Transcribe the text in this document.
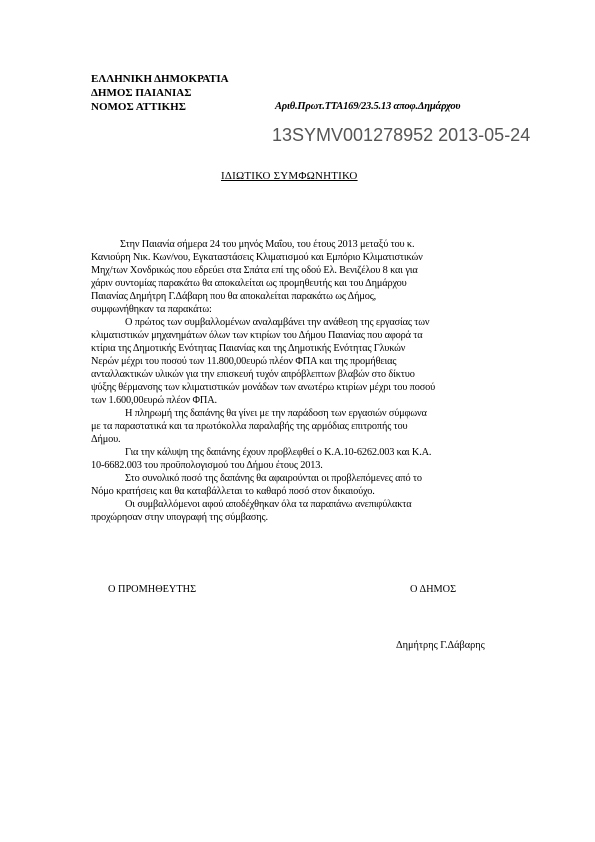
ΕΛΛΗΝΙΚΗ ΔΗΜΟΚΡΑΤΙΑ
ΔΗΜΟΣ ΠΑΙΑΝΙΑΣ
ΝΟΜΟΣ ΑΤΤΙΚΗΣ	Αριθ.Πρωτ.ΤΤΑ169/23.5.13 αποφ.Δημάρχου
13SYMV001278952 2013-05-24
ΙΔΙΩΤΙΚΟ ΣΥΜΦΩΝΗΤΙΚΟ
Στην Παιανία σήμερα 24 του μηνός Μαΐου, του έτους 2013 μεταξύ του κ.
Κανιούρη Νικ. Κων/νου, Εγκαταστάσεις Κλιματισμού και Εμπόριο Κλιματιστικών
Μηχ/των Χονδρικώς που εδρεύει στα Σπάτα επί της οδού Ελ. Βενιζέλου 8 και για
χάριν συντομίας παρακάτω θα αποκαλείται ως προμηθευτής και του Δημάρχου
Παιανίας Δημήτρη Γ.Δάβαρη που θα αποκαλείται παρακάτω ως Δήμος,
συμφωνήθηκαν τα παρακάτω:
Ο πρώτος των συμβαλλομένων αναλαμβάνει την ανάθεση της εργασίας των
κλιματιστικών μηχανημάτων όλων των κτιρίων του Δήμου Παιανίας που αφορά τα
κτίρια της Δημοτικής Ενότητας Παιανίας και της Δημοτικής Ενότητας Γλυκών
Νερών μέχρι του ποσού των 11.800,00ευρώ πλέον ΦΠΑ και της προμήθειας
ανταλλακτικών υλικών για την επισκευή τυχόν απρόβλεπτων βλαβών στο δίκτυο
ψύξης θέρμανσης των κλιματιστικών μονάδων των ανωτέρω κτιρίων μέχρι του ποσού
των 1.600,00ευρώ πλέον ΦΠΑ.
Η πληρωμή της δαπάνης θα γίνει με την παράδοση των εργασιών σύμφωνα
με τα παραστατικά και τα πρωτόκολλα παραλαβής της αρμόδιας επιτροπής του
Δήμου.
Για την κάλυψη της δαπάνης έχουν προβλεφθεί ο Κ.Α.10-6262.003 και Κ.Α.
10-6682.003 του προϋπολογισμού του Δήμου έτους 2013.
Στο συνολικό ποσό της δαπάνης θα αφαιρούνται οι προβλεπόμενες από το
Νόμο κρατήσεις και θα καταβάλλεται το καθαρό ποσό στον δικαιούχο.
Οι συμβαλλόμενοι αφού αποδέχθηκαν όλα τα παραπάνω ανεπιφύλακτα
προχώρησαν στην υπογραφή της σύμβασης.
Ο ΠΡΟΜΗΘΕΥΤΗΣ	Ο ΔΗΜΟΣ
Δημήτρης Γ.Δάβαρης
